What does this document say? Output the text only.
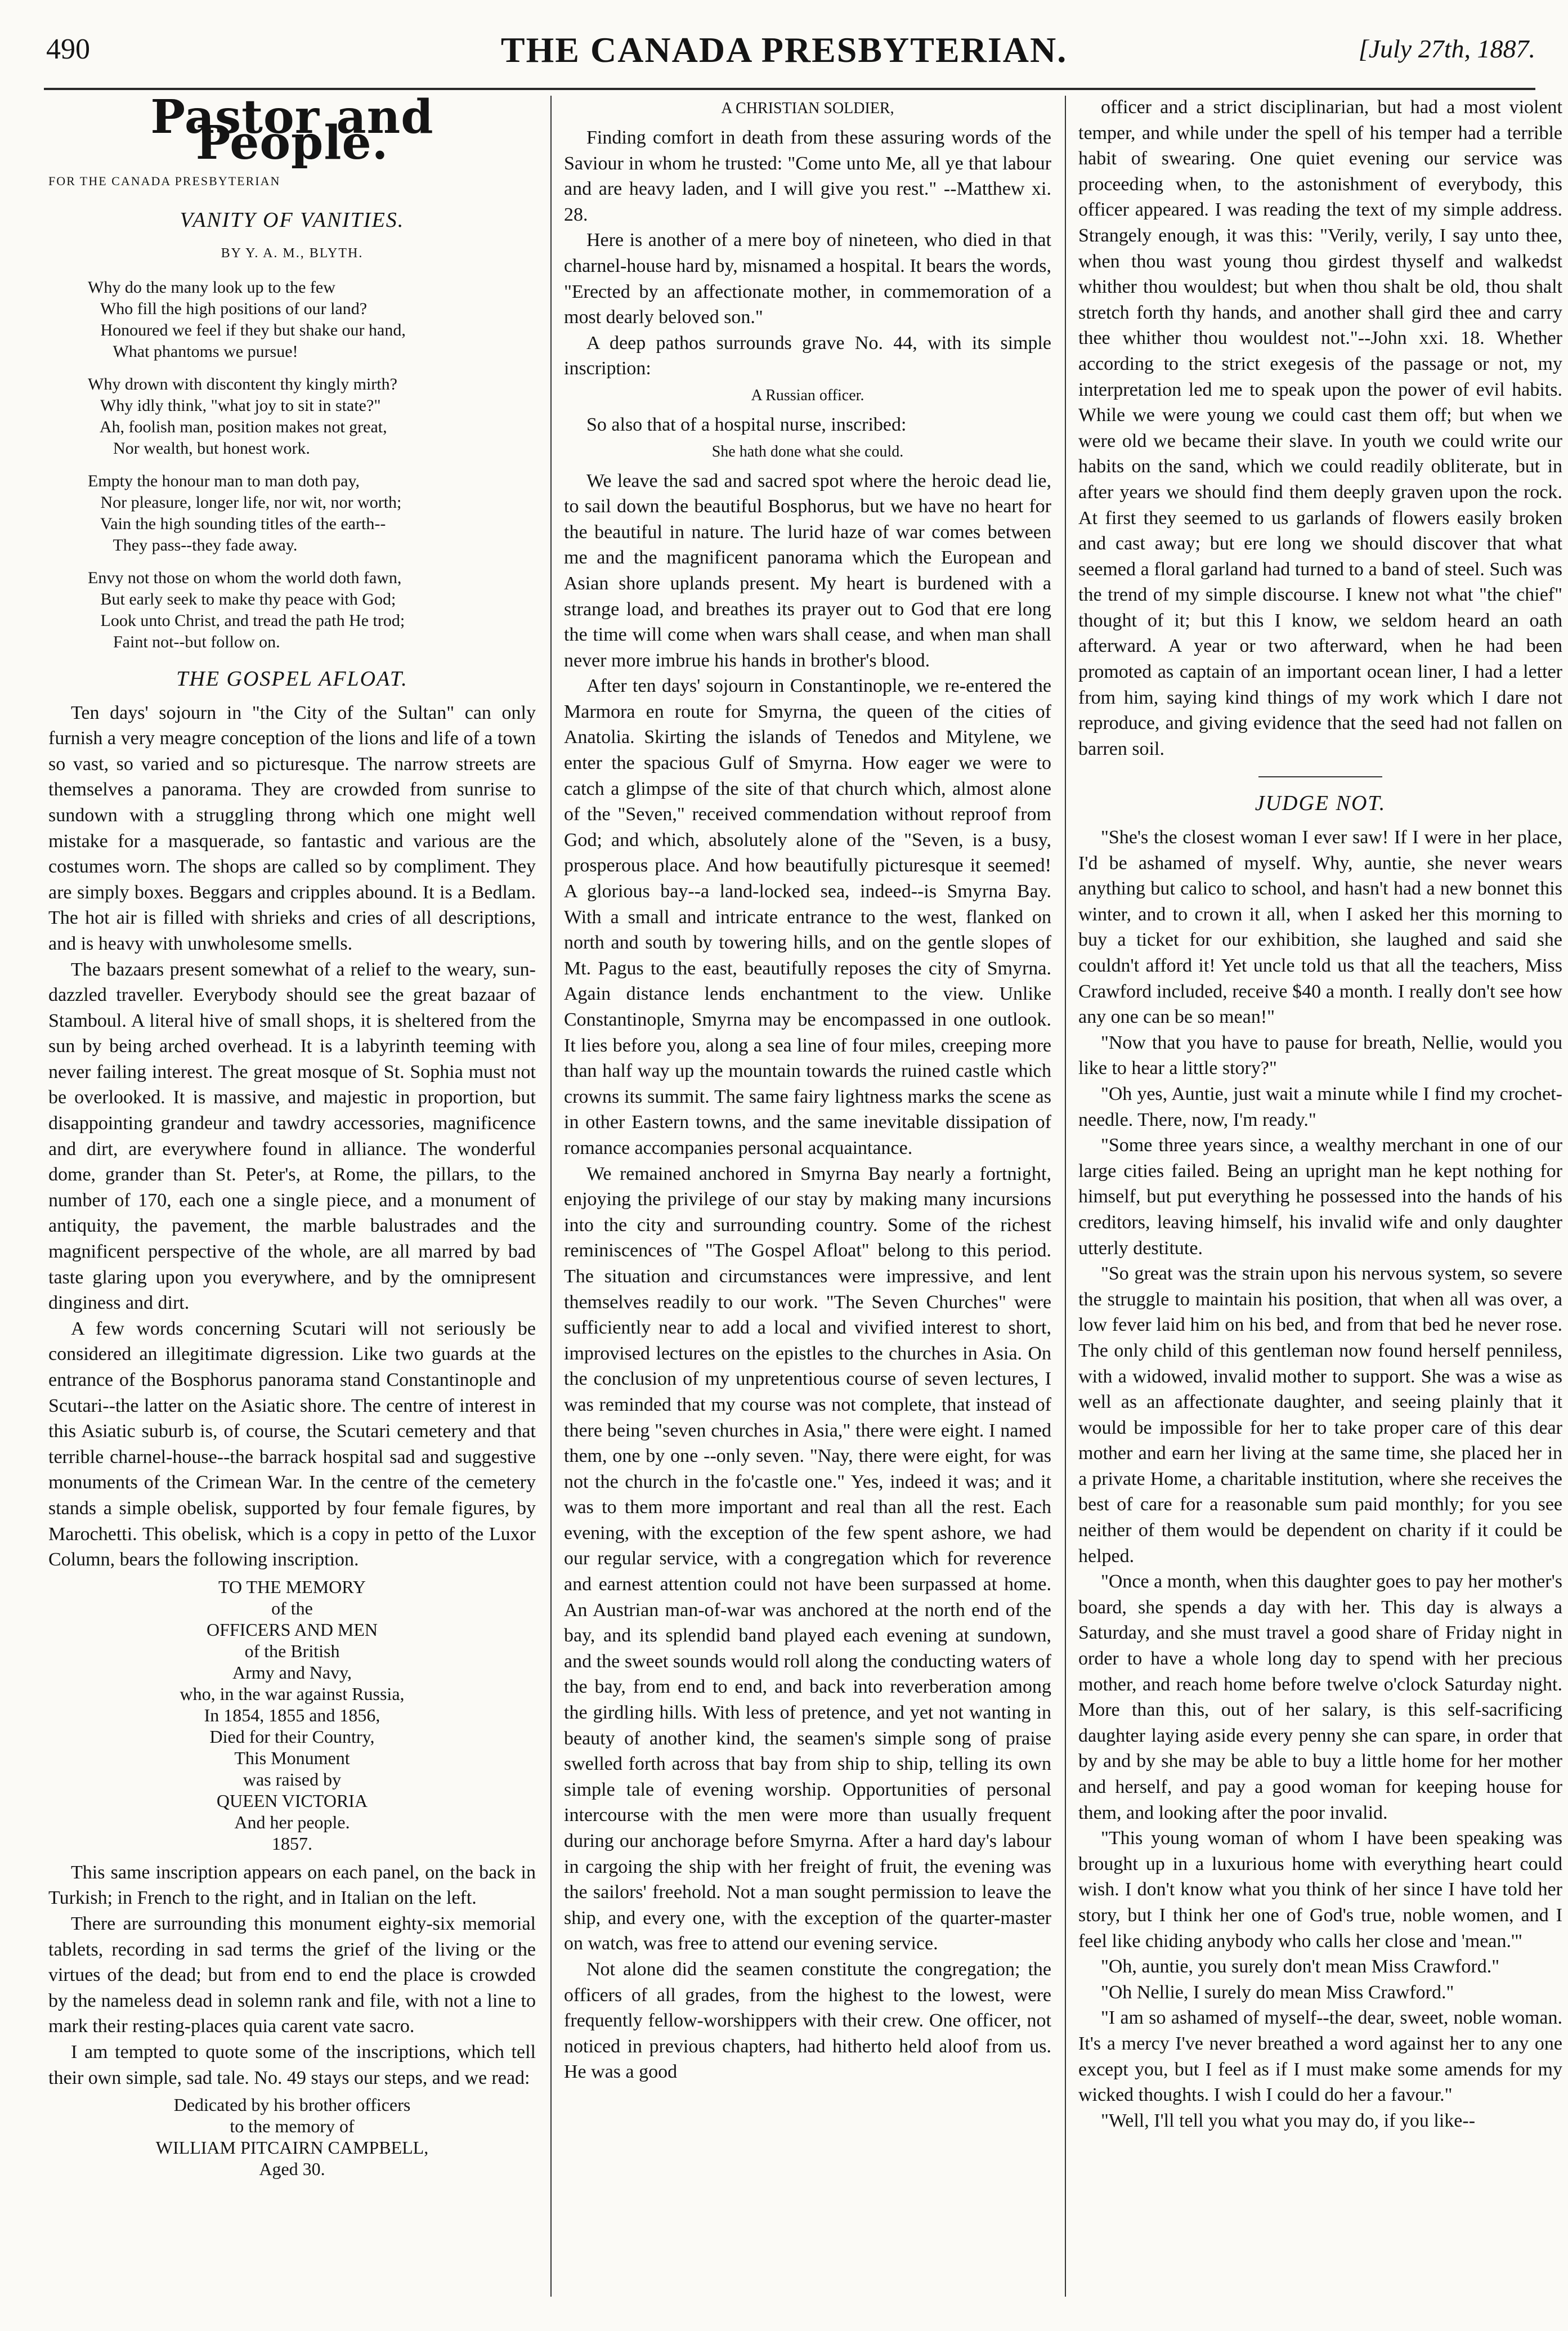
490	THE CANADA PRESBYTERIAN.	[July 27th, 1887.
Pastor and People.
FOR THE CANADA PRESBYTERIAN
VANITY OF VANITIES.
BY Y. A. M., BLYTH.
Why do the many look up to the few
Who fill the high positions of our land?
Honoured we feel if they but shake our hand,
What phantoms we pursue!
Why drown with discontent thy kingly mirth?
Why idly think, "what joy to sit in state?"
Ah, foolish man, position makes not great,
Nor wealth, but honest work.
Empty the honour man to man doth pay,
Nor pleasure, longer life, nor wit, nor worth;
Vain the high sounding titles of the earth--
They pass--they fade away.
Envy not those on whom the world doth fawn,
But early seek to make thy peace with God;
Look unto Christ, and tread the path He trod;
Faint not--but follow on.
THE GOSPEL AFLOAT.

Ten days' sojourn in "the City of the Sultan" can only furnish a very meagre conception of the lions and life of a town so vast, so varied and so picturesque. The narrow streets are themselves a panorama. They are crowded from sunrise to sundown with a struggling throng which one might well mistake for a masquerade, so fantastic and various are the costumes worn. The shops are called so by compliment. They are simply boxes. Beggars and cripples abound. It is a Bedlam. The hot air is filled with shrieks and cries of all descriptions, and is heavy with unwholesome smells.

The bazaars present somewhat of a relief to the weary, sun-dazzled traveller. Everybody should see the great bazaar of Stamboul. A literal hive of small shops, it is sheltered from the sun by being arched overhead. It is a labyrinth teeming with never failing interest. The great mosque of St. Sophia must not be overlooked. It is massive, and majestic in proportion, but disappointing grandeur and tawdry accessories, magnificence and dirt, are everywhere found in alliance. The wonderful dome, grander than St. Peter's, at Rome, the pillars, to the number of 170, each one a single piece, and a monument of antiquity, the pavement, the marble balustrades and the magnificent perspective of the whole, are all marred by bad taste glaring upon you everywhere, and by the omnipresent dinginess and dirt.

A few words concerning Scutari will not seriously be considered an illegitimate digression. Like two guards at the entrance of the Bosphorus panorama stand Constantinople and Scutari--the latter on the Asiatic shore. The centre of interest in this Asiatic suburb is, of course, the Scutari cemetery and that terrible charnel-house--the barrack hospital sad and suggestive monuments of the Crimean War. In the centre of the cemetery stands a simple obelisk, supported by four female figures, by Marochetti. This obelisk, which is a copy in petto of the Luxor Column, bears the following inscription.

TO THE MEMORY
of the
OFFICERS AND MEN
of the British
Army and Navy,
who, in the war against Russia,
In 1854, 1855 and 1856,
Died for their Country,
This Monument
was raised by
QUEEN VICTORIA
And her people.
1857.

This same inscription appears on each panel, on the back in Turkish; in French to the right, and in Italian on the left.

There are surrounding this monument eighty-six memorial tablets, recording in sad terms the grief of the living or the virtues of the dead; but from end to end the place is crowded by the nameless dead in solemn rank and file, with not a line to mark their resting-places quia carent vate sacro.

I am tempted to quote some of the inscriptions, which tell their own simple, sad tale. No. 49 stays our steps, and we read:

Dedicated by his brother officers
to the memory of
WILLIAM PITCAIRN CAMPBELL,
Aged 30.
A CHRISTIAN SOLDIER,

Finding comfort in death from these assuring words of the Saviour in whom he trusted: "Come unto Me, all ye that labour and are heavy laden, and I will give you rest." --Matthew xi. 28.

Here is another of a mere boy of nineteen, who died in that charnel-house hard by, misnamed a hospital. It bears the words, "Erected by an affectionate mother, in commemoration of a most dearly beloved son."

A deep pathos surrounds grave No. 44, with its simple inscription:

A Russian officer.

So also that of a hospital nurse, inscribed:

She hath done what she could.

We leave the sad and sacred spot where the heroic dead lie, to sail down the beautiful Bosphorus, but we have no heart for the beautiful in nature. The lurid haze of war comes between me and the magnificent panorama which the European and Asian shore uplands present. My heart is burdened with a strange load, and breathes its prayer out to God that ere long the time will come when wars shall cease, and when man shall never more imbrue his hands in brother's blood.

After ten days' sojourn in Constantinople, we re-entered the Marmora en route for Smyrna, the queen of the cities of Anatolia. Skirting the islands of Tenedos and Mitylene, we enter the spacious Gulf of Smyrna. How eager we were to catch a glimpse of the site of that church which, almost alone of the "Seven," received commendation without reproof from God; and which, absolutely alone of the "Seven, is a busy, prosperous place. And how beautifully picturesque it seemed! A glorious bay--a land-locked sea, indeed--is Smyrna Bay. With a small and intricate entrance to the west, flanked on north and south by towering hills, and on the gentle slopes of Mt. Pagus to the east, beautifully reposes the city of Smyrna. Again distance lends enchantment to the view. Unlike Constantinople, Smyrna may be encompassed in one outlook. It lies before you, along a sea line of four miles, creeping more than half way up the mountain towards the ruined castle which crowns its summit. The same fairy lightness marks the scene as in other Eastern towns, and the same inevitable dissipation of romance accompanies personal acquaintance.

We remained anchored in Smyrna Bay nearly a fortnight, enjoying the privilege of our stay by making many incursions into the city and surrounding country. Some of the richest reminiscences of "The Gospel Afloat" belong to this period. The situation and circumstances were impressive, and lent themselves readily to our work. "The Seven Churches" were sufficiently near to add a local and vivified interest to short, improvised lectures on the epistles to the churches in Asia. On the conclusion of my unpretentious course of seven lectures, I was reminded that my course was not complete, that instead of there being "seven churches in Asia," there were eight. I named them, one by one --only seven. "Nay, there were eight, for was not the church in the fo'castle one." Yes, indeed it was; and it was to them more important and real than all the rest. Each evening, with the exception of the few spent ashore, we had our regular service, with a congregation which for reverence and earnest attention could not have been surpassed at home. An Austrian man-of-war was anchored at the north end of the bay, and its splendid band played each evening at sundown, and the sweet sounds would roll along the conducting waters of the bay, from end to end, and back into reverberation among the girdling hills. With less of pretence, and yet not wanting in beauty of another kind, the seamen's simple song of praise swelled forth across that bay from ship to ship, telling its own simple tale of evening worship. Opportunities of personal intercourse with the men were more than usually frequent during our anchorage before Smyrna. After a hard day's labour in cargoing the ship with her freight of fruit, the evening was the sailors' freehold. Not a man sought permission to leave the ship, and every one, with the exception of the quarter-master on watch, was free to attend our evening service.

Not alone did the seamen constitute the congregation; the officers of all grades, from the highest to the lowest, were frequently fellow-worshippers with their crew. One officer, not noticed in previous chapters, had hitherto held aloof from us. He was a good

officer and a strict disciplinarian, but had a most violent temper, and while under the spell of his temper had a terrible habit of swearing. One quiet evening our service was proceeding when, to the astonishment of everybody, this officer appeared. I was reading the text of my simple address. Strangely enough, it was this: "Verily, verily, I say unto thee, when thou wast young thou girdest thyself and walkedst whither thou wouldest; but when thou shalt be old, thou shalt stretch forth thy hands, and another shall gird thee and carry thee whither thou wouldest not."--John xxi. 18. Whether according to the strict exegesis of the passage or not, my interpretation led me to speak upon the power of evil habits. While we were young we could cast them off; but when we were old we became their slave. In youth we could write our habits on the sand, which we could readily obliterate, but in after years we should find them deeply graven upon the rock. At first they seemed to us garlands of flowers easily broken and cast away; but ere long we should discover that what seemed a floral garland had turned to a band of steel. Such was the trend of my simple discourse. I knew not what "the chief" thought of it; but this I know, we seldom heard an oath afterward. A year or two afterward, when he had been promoted as captain of an important ocean liner, I had a letter from him, saying kind things of my work which I dare not reproduce, and giving evidence that the seed had not fallen on barren soil.

JUDGE NOT.

"She's the closest woman I ever saw! If I were in her place, I'd be ashamed of myself. Why, auntie, she never wears anything but calico to school, and hasn't had a new bonnet this winter, and to crown it all, when I asked her this morning to buy a ticket for our exhibition, she laughed and said she couldn't afford it! Yet uncle told us that all the teachers, Miss Crawford included, receive $40 a month. I really don't see how any one can be so mean!"

"Now that you have to pause for breath, Nellie, would you like to hear a little story?"

"Oh yes, Auntie, just wait a minute while I find my crochet-needle. There, now, I'm ready."

"Some three years since, a wealthy merchant in one of our large cities failed. Being an upright man he kept nothing for himself, but put everything he possessed into the hands of his creditors, leaving himself, his invalid wife and only daughter utterly destitute.

"So great was the strain upon his nervous system, so severe the struggle to maintain his position, that when all was over, a low fever laid him on his bed, and from that bed he never rose. The only child of this gentleman now found herself penniless, with a widowed, invalid mother to support. She was a wise as well as an affectionate daughter, and seeing plainly that it would be impossible for her to take proper care of this dear mother and earn her living at the same time, she placed her in a private Home, a charitable institution, where she receives the best of care for a reasonable sum paid monthly; for you see neither of them would be dependent on charity if it could be helped.

"Once a month, when this daughter goes to pay her mother's board, she spends a day with her. This day is always a Saturday, and she must travel a good share of Friday night in order to have a whole long day to spend with her precious mother, and reach home before twelve o'clock Saturday night. More than this, out of her salary, is this self-sacrificing daughter laying aside every penny she can spare, in order that by and by she may be able to buy a little home for her mother and herself, and pay a good woman for keeping house for them, and looking after the poor invalid.

"This young woman of whom I have been speaking was brought up in a luxurious home with everything heart could wish. I don't know what you think of her since I have told her story, but I think her one of God's true, noble women, and I feel like chiding anybody who calls her close and 'mean.'"

"Oh, auntie, you surely don't mean Miss Crawford."

"Oh Nellie, I surely do mean Miss Crawford."

"I am so ashamed of myself--the dear, sweet, noble woman. It's a mercy I've never breathed a word against her to any one except you, but I feel as if I must make some amends for my wicked thoughts. I wish I could do her a favour."

"Well, I'll tell you what you may do, if you like--
